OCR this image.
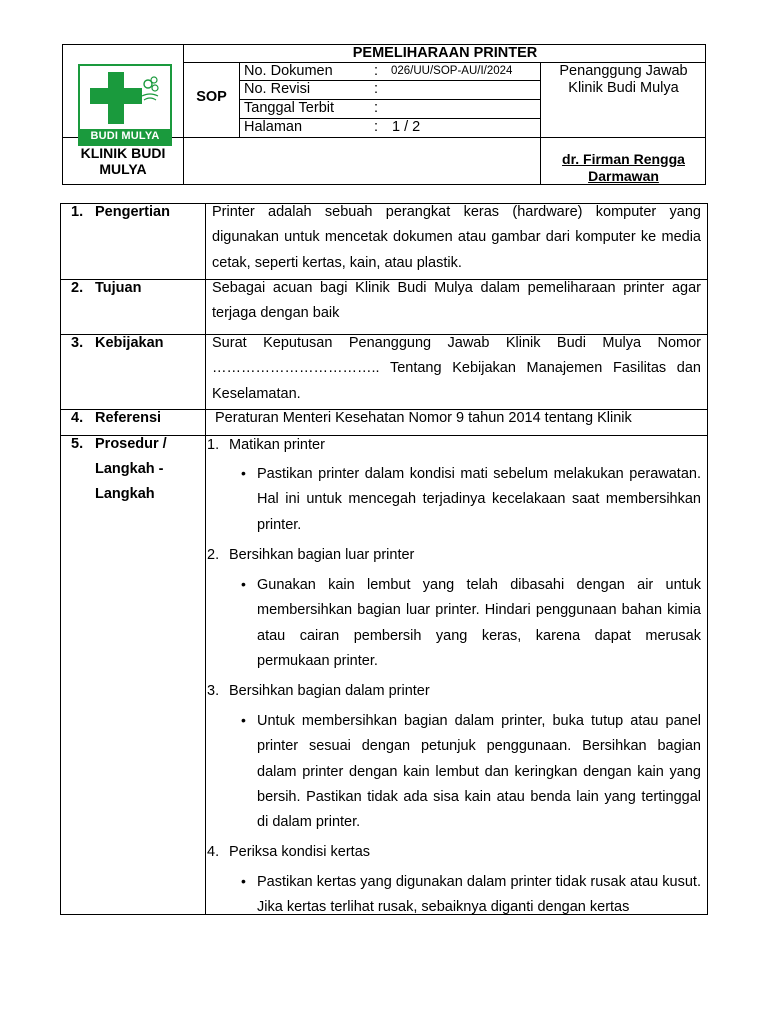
BUDI MULYA
KLINIK BUDI MULYA
PEMELIHARAAN PRINTER
SOP
No. Dokumen	: 026/UU/SOP-AU/I/2024
No. Revisi	:
Tanggal Terbit	:
Halaman	: 1 / 2
Penanggung Jawab Klinik Budi Mulya
dr. Firman Rengga Darmawan
1. Pengertian	Printer adalah sebuah perangkat keras (hardware) komputer yang digunakan untuk mencetak dokumen atau gambar dari komputer ke media cetak, seperti kertas, kain, atau plastik.
2. Tujuan	Sebagai acuan bagi Klinik Budi Mulya dalam pemeliharaan printer agar terjaga dengan baik
3. Kebijakan	Surat Keputusan Penanggung Jawab Klinik Budi Mulya Nomor …………………………….. Tentang Kebijakan Manajemen Fasilitas dan Keselamatan.
4. Referensi	Peraturan Menteri Kesehatan Nomor 9 tahun 2014 tentang Klinik
5. Prosedur / Langkah - Langkah
1. Matikan printer
• Pastikan printer dalam kondisi mati sebelum melakukan perawatan. Hal ini untuk mencegah terjadinya kecelakaan saat membersihkan printer.
2. Bersihkan bagian luar printer
• Gunakan kain lembut yang telah dibasahi dengan air untuk membersihkan bagian luar printer. Hindari penggunaan bahan kimia atau cairan pembersih yang keras, karena dapat merusak permukaan printer.
3. Bersihkan bagian dalam printer
• Untuk membersihkan bagian dalam printer, buka tutup atau panel printer sesuai dengan petunjuk penggunaan. Bersihkan bagian dalam printer dengan kain lembut dan keringkan dengan kain yang bersih. Pastikan tidak ada sisa kain atau benda lain yang tertinggal di dalam printer.
4. Periksa kondisi kertas
• Pastikan kertas yang digunakan dalam printer tidak rusak atau kusut. Jika kertas terlihat rusak, sebaiknya diganti dengan kertas
